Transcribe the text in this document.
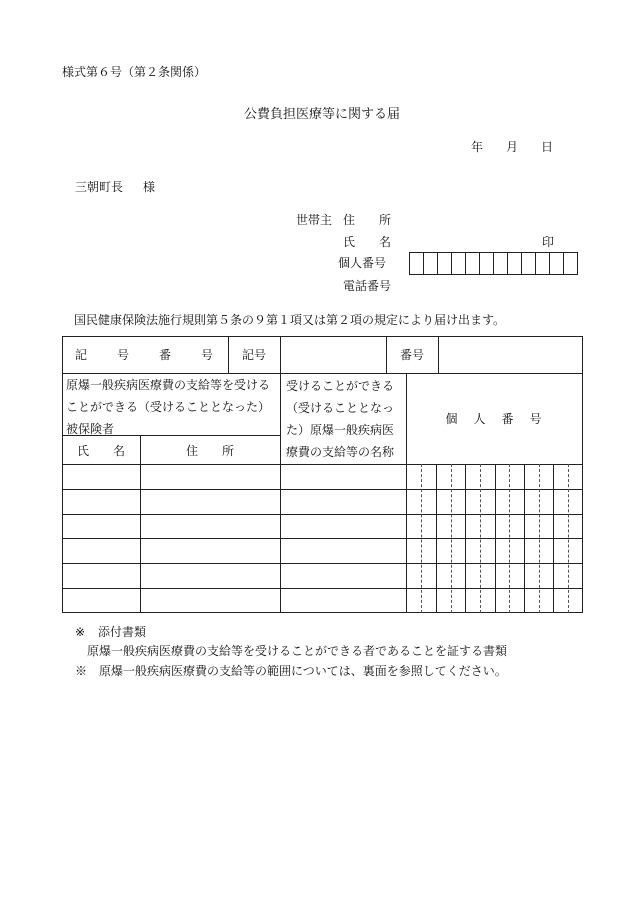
様式第６号（第２条関係）
公費負担医療等に関する届
年 月 日
三朝町長 様
世帯主 住　　所
氏　　名	印
個人番号
電話番号
国民健康保険法施行規則第５条の９第１項又は第２項の規定により届け出ます。
記　　号　　番　　号	記号	番号
原爆一般疾病医療費の支給等を受けることができる（受けることとなった）被保険者
氏　　名	住　　所
受けることができる（受けることとなった）原爆一般疾病医療費の支給等の名称
個　人　番　号
※ 添付書類
原爆一般疾病医療費の支給等を受けることができる者であることを証する書類
※　原爆一般疾病医療費の支給等の範囲については、裏面を参照してください。
